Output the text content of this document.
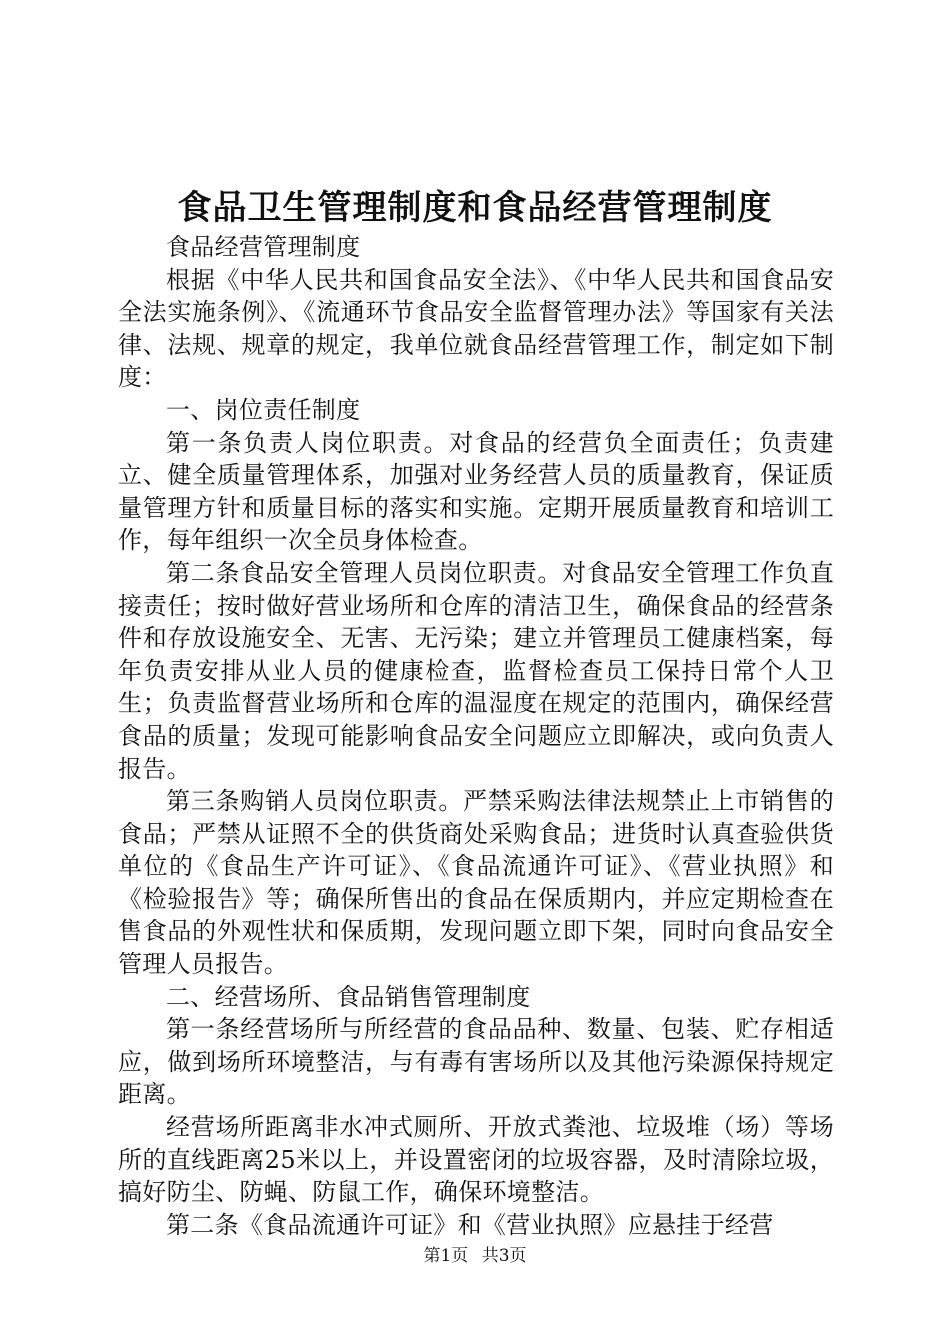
食品卫生管理制度和食品经营管理制度

食品经营管理制度

根据《中华人民共和国食品安全法》、《中华人民共和国食品安全法实施条例》、《流通环节食品安全监督管理办法》等国家有关法律、法规、规章的规定，我单位就食品经营管理工作，制定如下制度：

一、岗位责任制度

第一条负责人岗位职责。对食品的经营负全面责任；负责建立、健全质量管理体系，加强对业务经营人员的质量教育，保证质量管理方针和质量目标的落实和实施。定期开展质量教育和培训工作，每年组织一次全员身体检查。

第二条食品安全管理人员岗位职责。对食品安全管理工作负直接责任；按时做好营业场所和仓库的清洁卫生，确保食品的经营条件和存放设施安全、无害、无污染；建立并管理员工健康档案，每年负责安排从业人员的健康检查，监督检查员工保持日常个人卫生；负责监督营业场所和仓库的温湿度在规定的范围内，确保经营食品的质量；发现可能影响食品安全问题应立即解决，或向负责人报告。

第三条购销人员岗位职责。严禁采购法律法规禁止上市销售的食品；严禁从证照不全的供货商处采购食品；进货时认真查验供货单位的《食品生产许可证》、《食品流通许可证》、《营业执照》和《检验报告》等；确保所售出的食品在保质期内，并应定期检查在售食品的外观性状和保质期，发现问题立即下架，同时向食品安全管理人员报告。

二、经营场所、食品销售管理制度

第一条经营场所与所经营的食品品种、数量、包装、贮存相适应，做到场所环境整洁，与有毒有害场所以及其他污染源保持规定距离。

经营场所距离非水冲式厕所、开放式粪池、垃圾堆（场）等场所的直线距离25米以上，并设置密闭的垃圾容器，及时清除垃圾，搞好防尘、防蝇、防鼠工作，确保环境整洁。

第二条《食品流通许可证》和《营业执照》应悬挂于经营

第1页 共3页
